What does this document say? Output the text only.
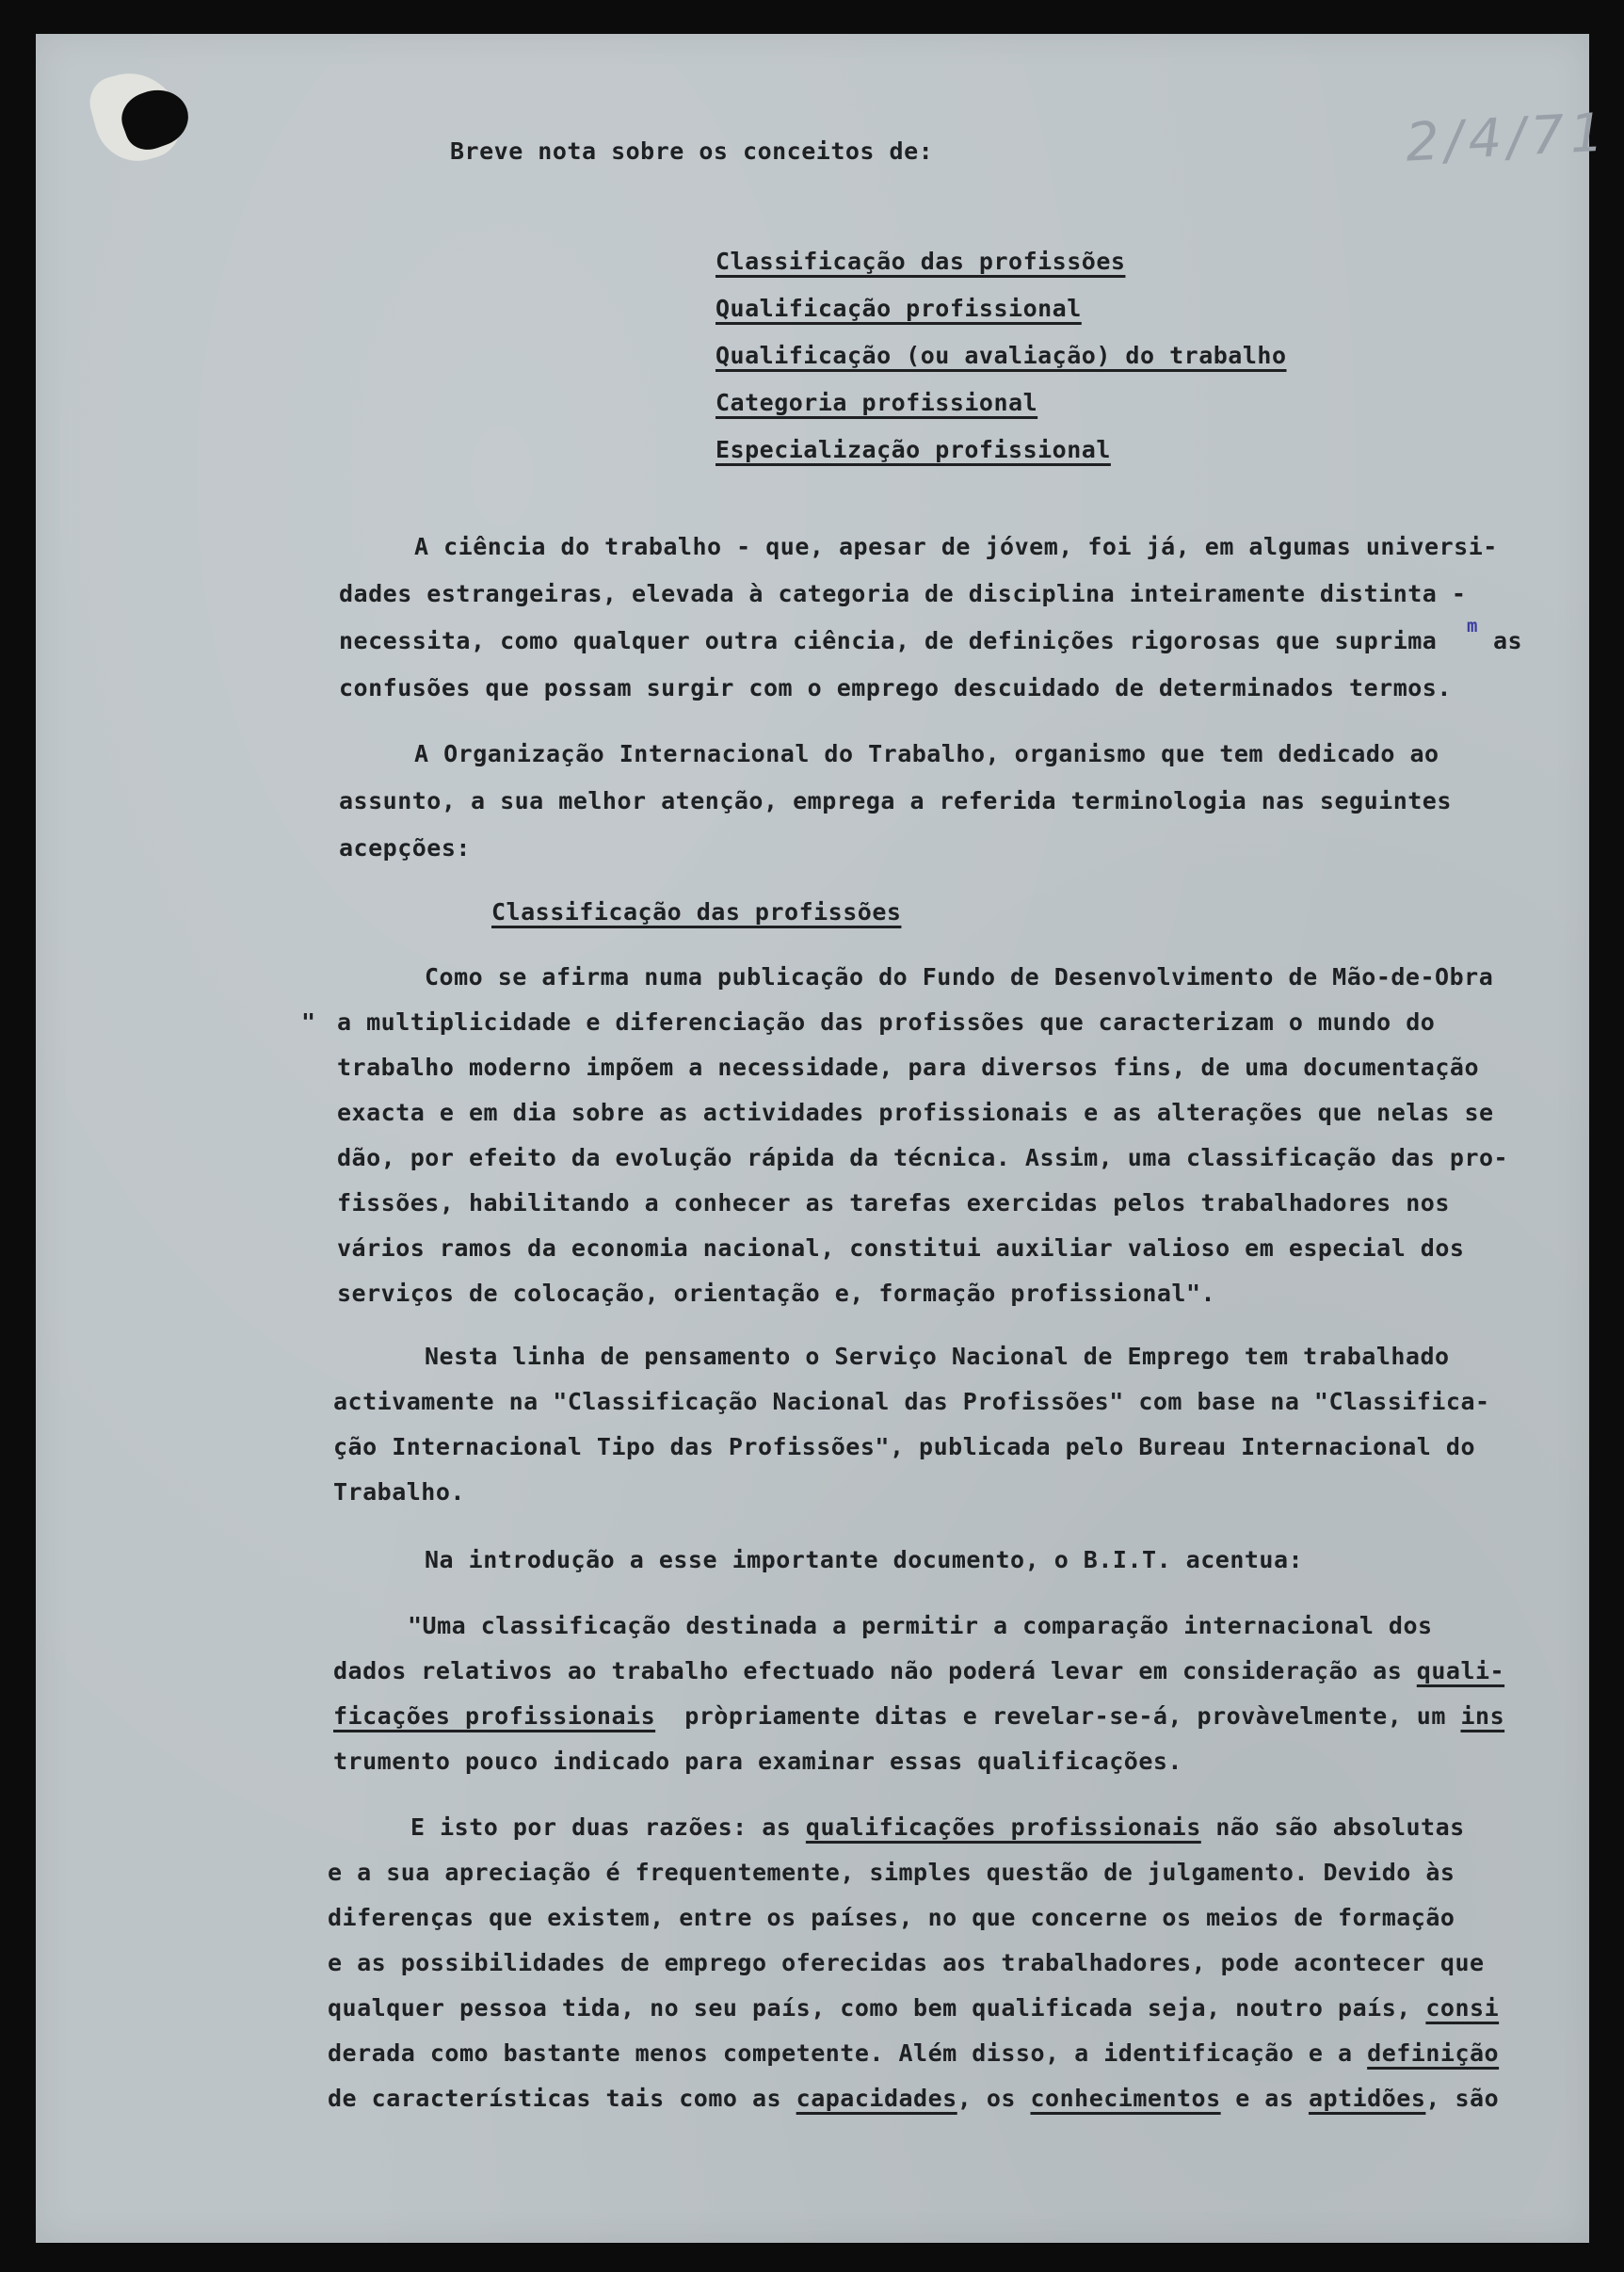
2/4/71
Breve nota sobre os conceitos de:
Classificação das profissões
Qualificação profissional
Qualificação (ou avaliação) do trabalho
Categoria profissional
Especialização profissional
A ciência do trabalho - que, apesar de jóvem, foi já, em algumas universi-
dades estrangeiras, elevada à categoria de disciplina inteiramente distinta -
necessita, como qualquer outra ciência, de definições rigorosas que suprima
m
as
confusões que possam surgir com o emprego descuidado de determinados termos.
A Organização Internacional do Trabalho, organismo que tem dedicado ao
assunto, a sua melhor atenção, emprega a referida terminologia nas seguintes
acepções:
Classificação das profissões
Como se afirma numa publicação do Fundo de Desenvolvimento de Mão-de-Obra
" a multiplicidade e diferenciação das profissões que caracterizam o mundo do
trabalho moderno impõem a necessidade, para diversos fins, de uma documentação
exacta e em dia sobre as actividades profissionais e as alterações que nelas se
dão, por efeito da evolução rápida da técnica. Assim, uma classificação das pro-
fissões, habilitando a conhecer as tarefas exercidas pelos trabalhadores nos
vários ramos da economia nacional, constitui auxiliar valioso em especial dos
serviços de colocação, orientação e, formação profissional".
Nesta linha de pensamento o Serviço Nacional de Emprego tem trabalhado
activamente na "Classificação Nacional das Profissões" com base na "Classifica-
ção Internacional Tipo das Profissões", publicada pelo Bureau Internacional do
Trabalho.
Na introdução a esse importante documento, o B.I.T. acentua:
"Uma classificação destinada a permitir a comparação internacional dos
dados relativos ao trabalho efectuado não poderá levar em consideração as quali-
ficações profissionais  pròpriamente ditas e revelar-se-á, provàvelmente, um ins
trumento pouco indicado para examinar essas qualificações.
E isto por duas razões: as qualificações profissionais não são absolutas
e a sua apreciação é frequentemente, simples questão de julgamento. Devido às
diferenças que existem, entre os países, no que concerne os meios de formação
e as possibilidades de emprego oferecidas aos trabalhadores, pode acontecer que
qualquer pessoa tida, no seu país, como bem qualificada seja, noutro país, consi
derada como bastante menos competente. Além disso, a identificação e a definição
de características tais como as capacidades, os conhecimentos e as aptidões, são
